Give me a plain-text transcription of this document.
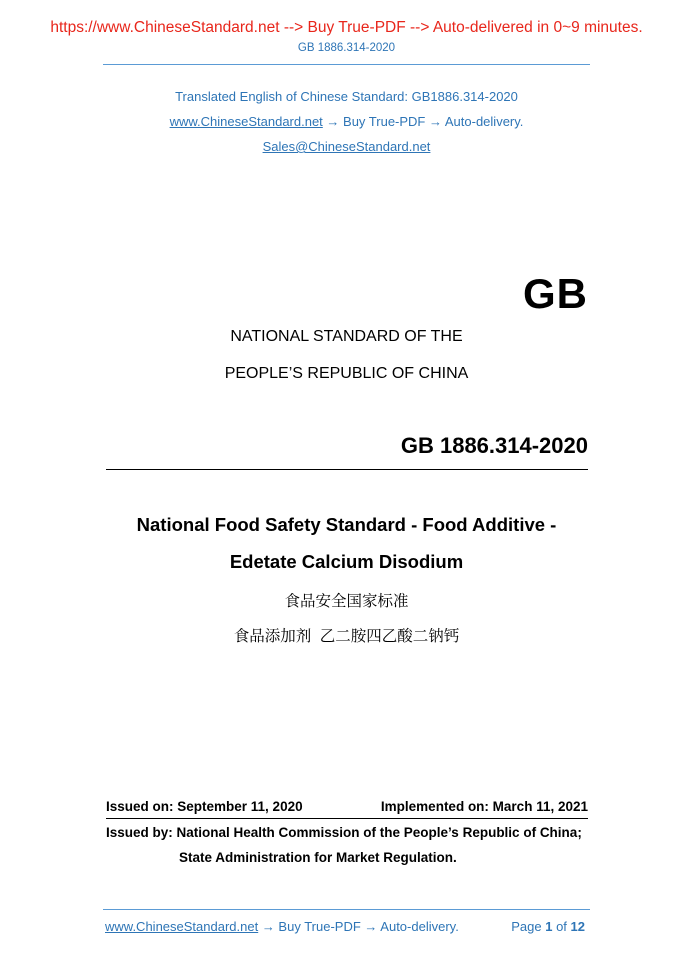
https://www.ChineseStandard.net --> Buy True-PDF --> Auto-delivered in 0~9 minutes.
GB 1886.314-2020
Translated English of Chinese Standard: GB1886.314-2020
www.ChineseStandard.net → Buy True-PDF → Auto-delivery.
Sales@ChineseStandard.net
GB
NATIONAL STANDARD OF THE
PEOPLE’S REPUBLIC OF CHINA
GB 1886.314-2020
National Food Safety Standard - Food Additive -
Edetate Calcium Disodium
食品安全国家标准
食品添加剂  乙二胺四乙酸二钠钙
Issued on: September 11, 2020	Implemented on: March 11, 2021
Issued by: National Health Commission of the People’s Republic of China;
State Administration for Market Regulation.
www.ChineseStandard.net → Buy True-PDF → Auto-delivery.	Page 1 of 12
